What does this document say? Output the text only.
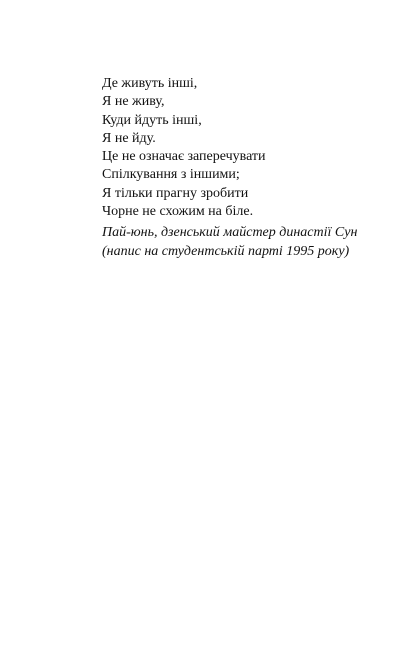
Де живуть інші,
Я не живу,
Куди йдуть інші,
Я не йду.
Це не означає заперечувати
Спілкування з іншими;
Я тільки прагну зробити
Чорне не схожим на біле.
Пай-юнь, дзенський майстер династії Сун
(напис на студентській парті 1995 року)
